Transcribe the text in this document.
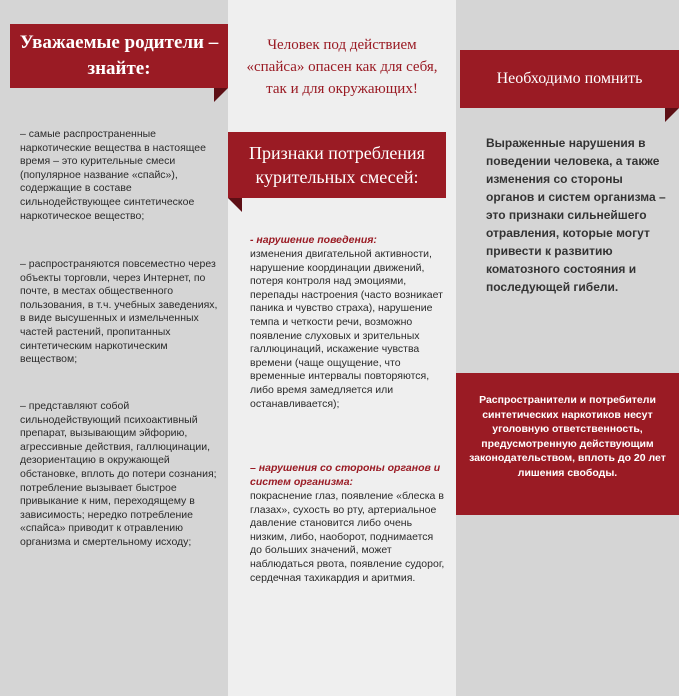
Уважаемые родители – знайте:

– самые распространенные наркотические вещества в настоящее время – это курительные смеси (популярное название «спайс»), содержащие в составе сильнодействующее синтетическое наркотическое вещество;

– распространяются повсеместно через объекты торговли, через Интернет, по почте, в местах общественного пользования, в т.ч. учебных заведениях, в виде высушенных и измельченных частей растений, пропитанных синтетическим наркотическим веществом;

– представляют собой сильнодействующий психоактивный препарат, вызывающим эйфорию, агрессивные действия, галлюцинации, дезориентацию в окружающей обстановке, вплоть до потери сознания; потребление вызывает быстрое привыкание к ним, переходящему в зависимость; нередко потребление «спайса» приводит к отравлению организма и смертельному исходу;

Человек под действием «спайса» опасен как для себя, так и для окружающих!
Признаки потребления курительных смесей:

- нарушение поведения:

изменения двигательной активности, нарушение координации движений, потеря контроля над эмоциями, перепады настроения (часто возникает паника и чувство страха), нарушение темпа и четкости речи, возможно появление слуховых и зрительных галлюцинаций, искажение чувства времени (чаще ощущение, что временные интервалы повторяются, либо время замедляется или останавливается);

– нарушения со стороны органов и систем организма:

покраснение глаз, появление «блеска в глазах», сухость во рту, артериальное давление становится либо очень низким, либо, наоборот, поднимается до больших значений, может наблюдаться рвота, появление судорог, сердечная тахикардия и аритмия.

Необходимо помнить
Выраженные нарушения в поведении человека, а также изменения со стороны органов и систем организма – это признаки сильнейшего отравления, которые могут привести к развитию коматозного состояния и последующей гибели.
Распространители и потребители синтетических наркотиков несут уголовную ответственность, предусмотренную действующим законодательством, вплоть до 20 лет лишения свободы.
